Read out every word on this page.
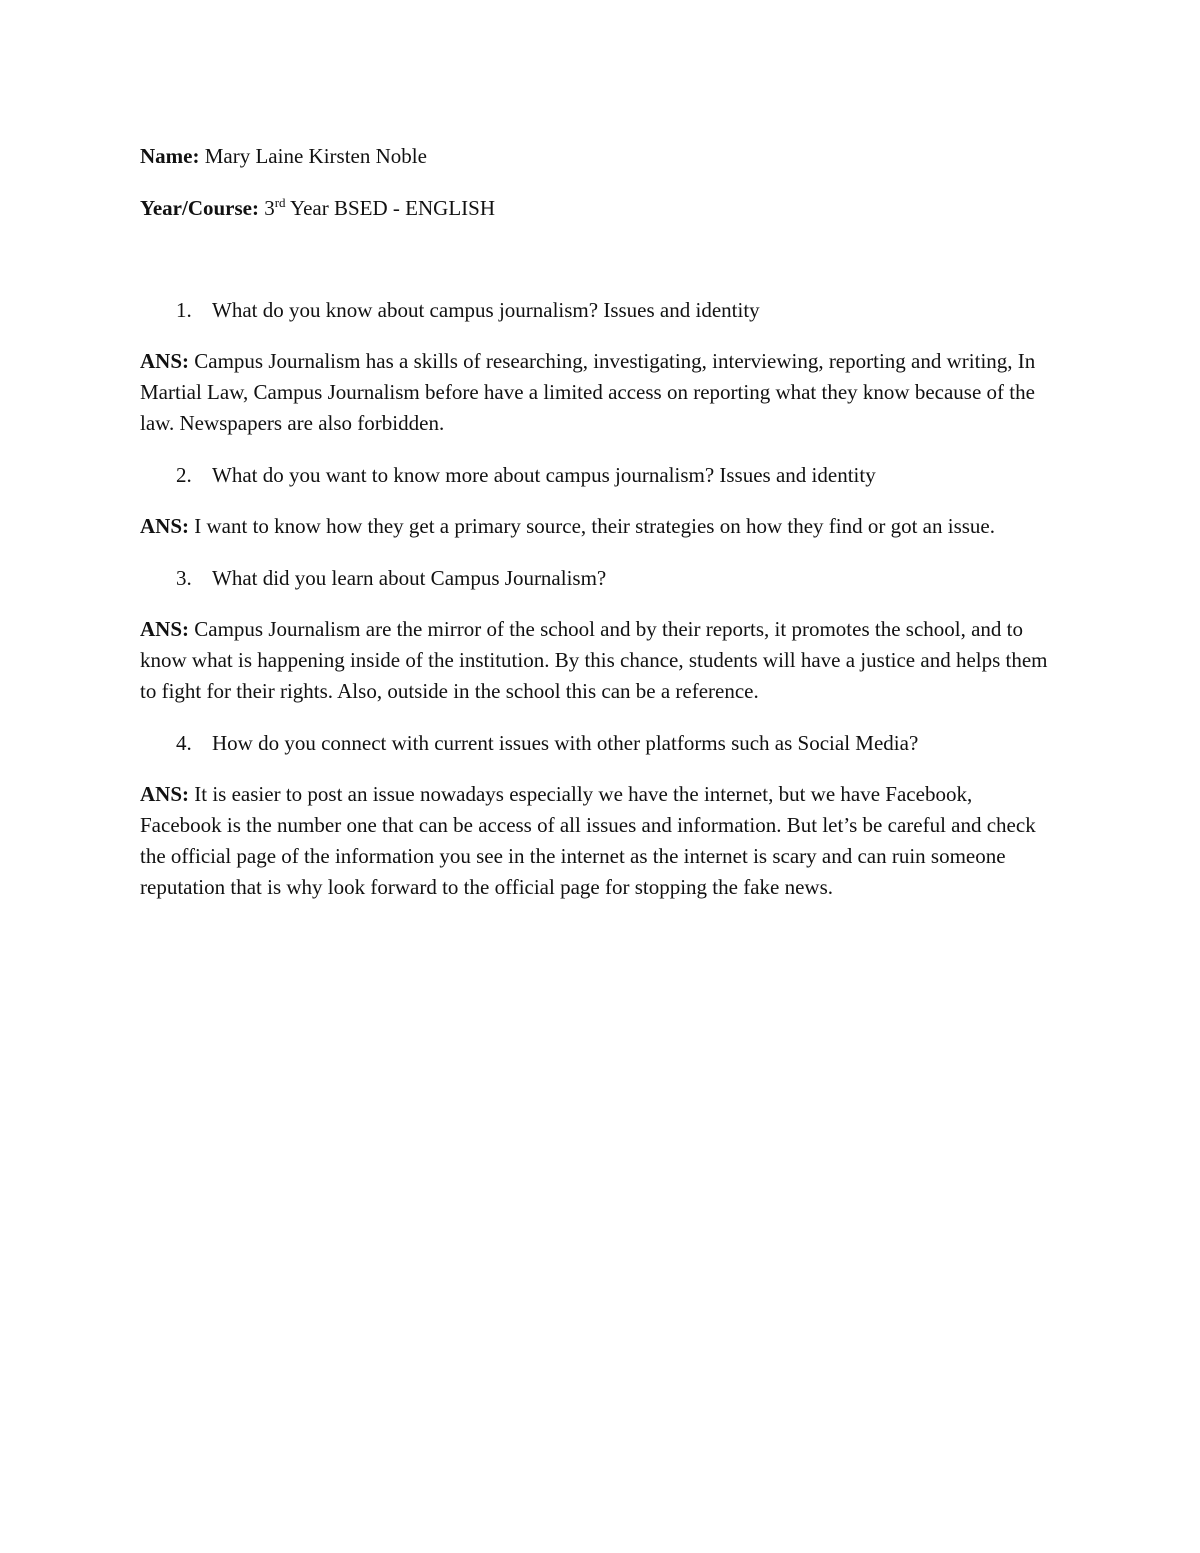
Name: Mary Laine Kirsten Noble

Year/Course: 3rd Year BSED - ENGLISH

1. What do you know about campus journalism? Issues and identity

ANS: Campus Journalism has a skills of researching, investigating, interviewing, reporting and writing, In Martial Law, Campus Journalism before have a limited access on reporting what they know because of the law. Newspapers are also forbidden.

2. What do you want to know more about campus journalism? Issues and identity

ANS: I want to know how they get a primary source, their strategies on how they find or got an issue.

3. What did you learn about Campus Journalism?

ANS: Campus Journalism are the mirror of the school and by their reports, it promotes the school, and to know what is happening inside of the institution. By this chance, students will have a justice and helps them to fight for their rights. Also, outside in the school this can be a reference.

4. How do you connect with current issues with other platforms such as Social Media?

ANS: It is easier to post an issue nowadays especially we have the internet, but we have Facebook, Facebook is the number one that can be access of all issues and information. But let’s be careful and check the official page of the information you see in the internet as the internet is scary and can ruin someone reputation that is why look forward to the official page for stopping the fake news.
